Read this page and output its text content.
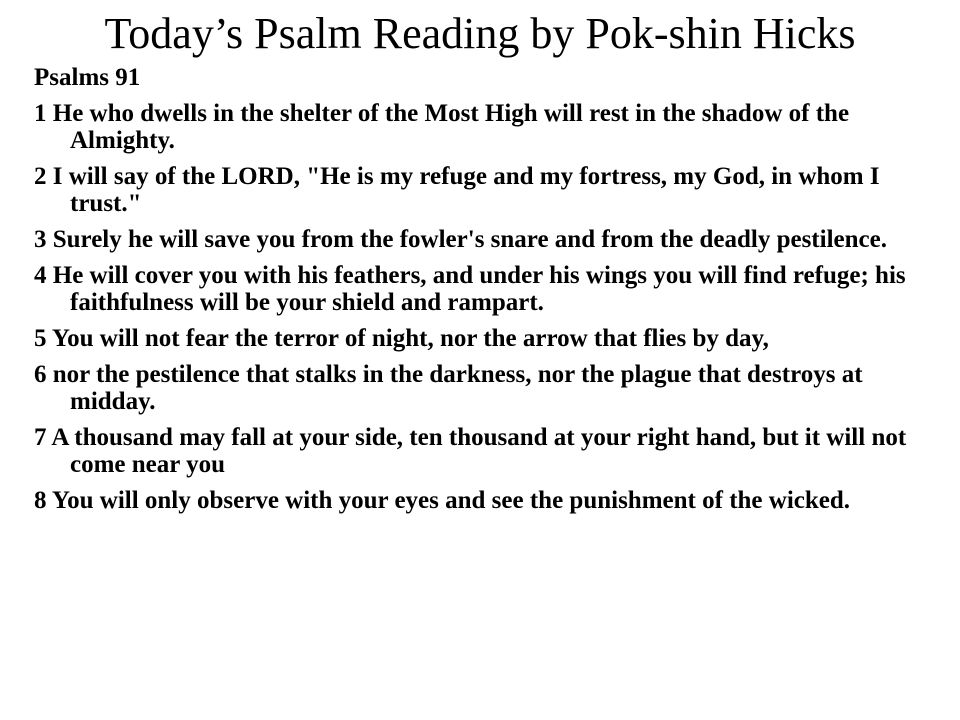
Today’s Psalm Reading by Pok-shin Hicks

Psalms 91

1 He who dwells in the shelter of the Most High will rest in the shadow of the Almighty.

2 I will say of the LORD, "He is my refuge and my fortress, my God, in whom I trust."

3 Surely he will save you from the fowler's snare and from the deadly pestilence.

4 He will cover you with his feathers, and under his wings you will find refuge; his faithfulness will be your shield and rampart.

5 You will not fear the terror of night, nor the arrow that flies by day,

6 nor the pestilence that stalks in the darkness, nor the plague that destroys at midday.

7 A thousand may fall at your side, ten thousand at your right hand, but it will not come near you

8 You will only observe with your eyes and see the punishment of the wicked.
